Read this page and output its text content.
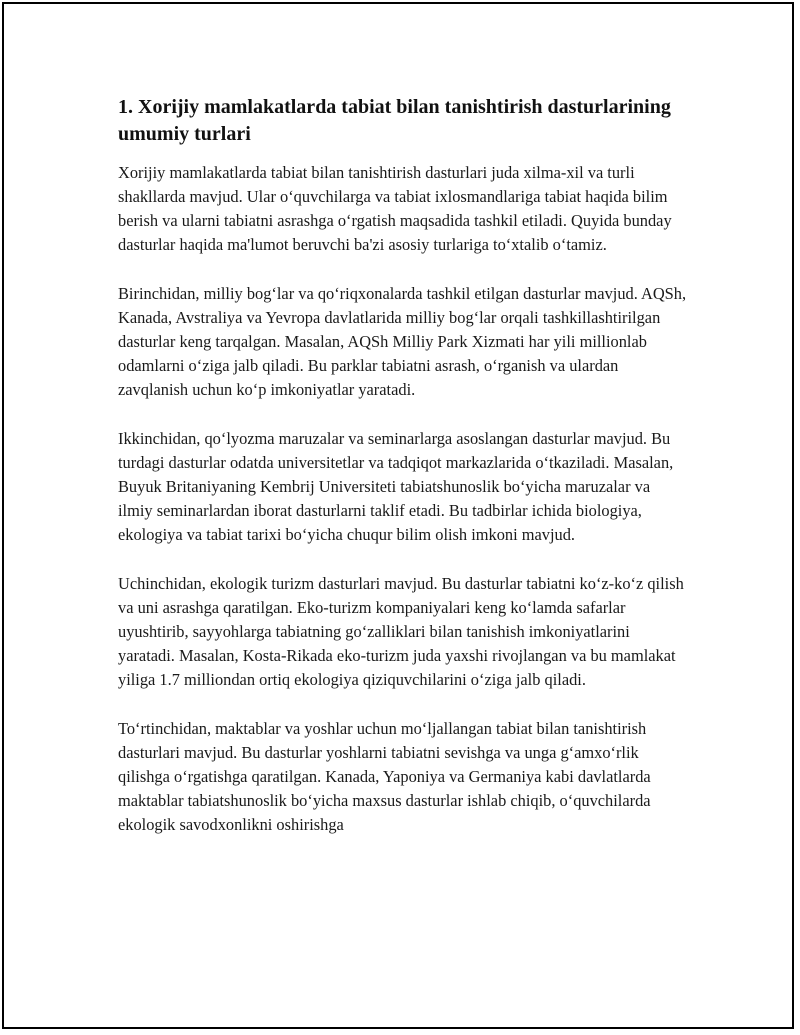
1. Xorijiy mamlakatlarda tabiat bilan tanishtirish dasturlarining umumiy turlari

Xorijiy mamlakatlarda tabiat bilan tanishtirish dasturlari juda xilma-xil va turli shakllarda mavjud. Ular o‘quvchilarga va tabiat ixlosmandlariga tabiat haqida bilim berish va ularni tabiatni asrashga o‘rgatish maqsadida tashkil etiladi. Quyida bunday dasturlar haqida ma'lumot beruvchi ba'zi asosiy turlariga to‘xtalib o‘tamiz.

Birinchidan, milliy bog‘lar va qo‘riqxonalarda tashkil etilgan dasturlar mavjud. AQSh, Kanada, Avstraliya va Yevropa davlatlarida milliy bog‘lar orqali tashkillashtirilgan dasturlar keng tarqalgan. Masalan, AQSh Milliy Park Xizmati har yili millionlab odamlarni o‘ziga jalb qiladi. Bu parklar tabiatni asrash, o‘rganish va ulardan zavqlanish uchun ko‘p imkoniyatlar yaratadi.

Ikkinchidan, qo‘lyozma maruzalar va seminarlarga asoslangan dasturlar mavjud. Bu turdagi dasturlar odatda universitetlar va tadqiqot markazlarida o‘tkaziladi. Masalan, Buyuk Britaniyaning Kembrij Universiteti tabiatshunoslik bo‘yicha maruzalar va ilmiy seminarlardan iborat dasturlarni taklif etadi. Bu tadbirlar ichida biologiya, ekologiya va tabiat tarixi bo‘yicha chuqur bilim olish imkoni mavjud.

Uchinchidan, ekologik turizm dasturlari mavjud. Bu dasturlar tabiatni ko‘z-ko‘z qilish va uni asrashga qaratilgan. Eko-turizm kompaniyalari keng ko‘lamda safarlar uyushtirib, sayyohlarga tabiatning go‘zalliklari bilan tanishish imkoniyatlarini yaratadi. Masalan, Kosta-Rikada eko-turizm juda yaxshi rivojlangan va bu mamlakat yiliga 1.7 milliondan ortiq ekologiya qiziquvchilarini o‘ziga jalb qiladi.

To‘rtinchidan, maktablar va yoshlar uchun mo‘ljallangan tabiat bilan tanishtirish dasturlari mavjud. Bu dasturlar yoshlarni tabiatni sevishga va unga g‘amxo‘rlik qilishga o‘rgatishga qaratilgan. Kanada, Yaponiya va Germaniya kabi davlatlarda maktablar tabiatshunoslik bo‘yicha maxsus dasturlar ishlab chiqib, o‘quvchilarda ekologik savodxonlikni oshirishga
